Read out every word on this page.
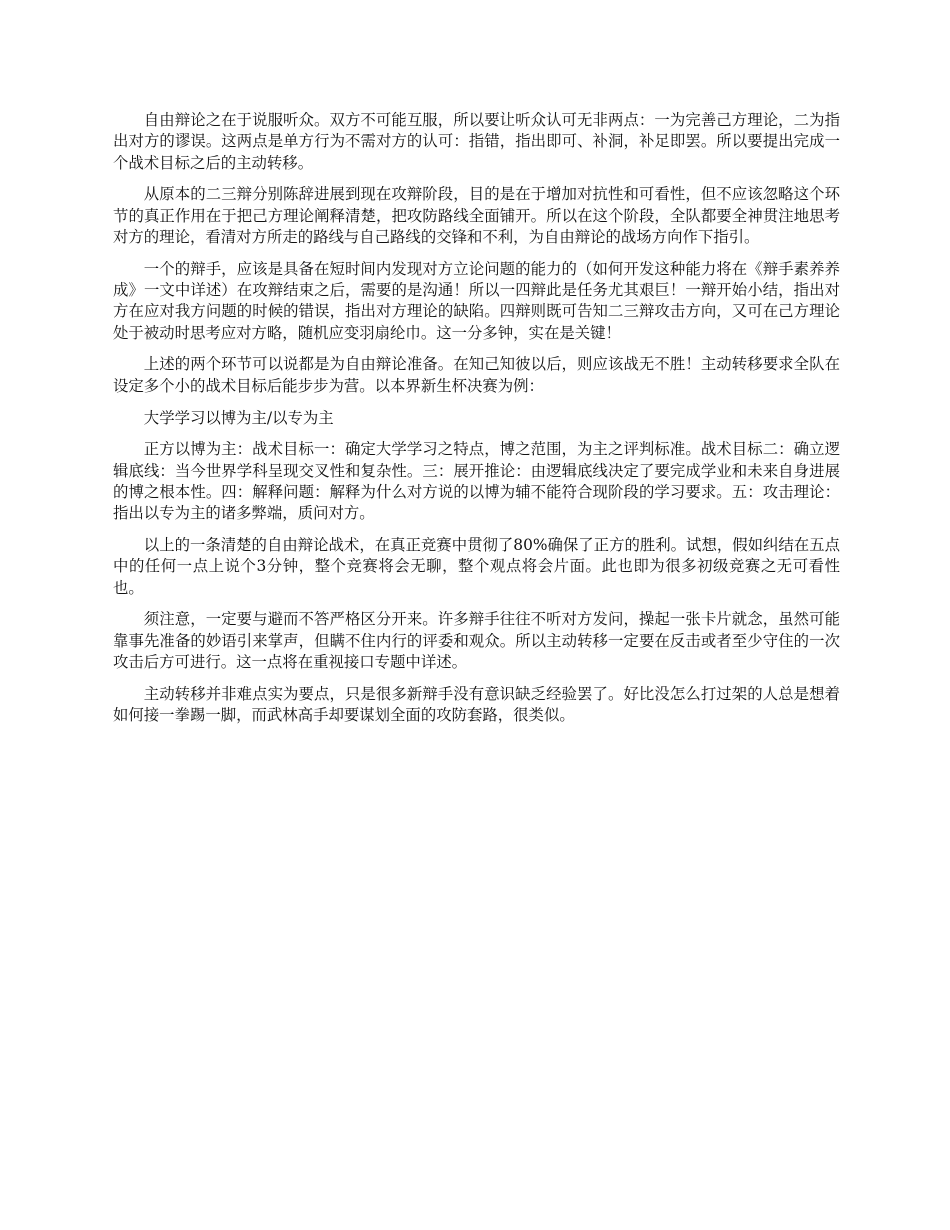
自由辩论之在于说服听众。双方不可能互服，所以要让听众认可无非两点：一为完善己方理论，二为指出对方的谬误。这两点是单方行为不需对方的认可：指错，指出即可、补洞，补足即罢。所以要提出完成一个战术目标之后的主动转移。

从原本的二三辩分别陈辞进展到现在攻辩阶段，目的是在于增加对抗性和可看性，但不应该忽略这个环节的真正作用在于把己方理论阐释清楚，把攻防路线全面铺开。所以在这个阶段，全队都要全神贯注地思考对方的理论，看清对方所走的路线与自己路线的交锋和不利，为自由辩论的战场方向作下指引。

一个的辩手，应该是具备在短时间内发现对方立论问题的能力的（如何开发这种能力将在《辩手素养养成》一文中详述）在攻辩结束之后，需要的是沟通！所以一四辩此是任务尤其艰巨！一辩开始小结，指出对方在应对我方问题的时候的错误，指出对方理论的缺陷。四辩则既可告知二三辩攻击方向，又可在己方理论处于被动时思考应对方略，随机应变羽扇纶巾。这一分多钟，实在是关键！

上述的两个环节可以说都是为自由辩论准备。在知己知彼以后，则应该战无不胜！主动转移要求全队在设定多个小的战术目标后能步步为营。以本界新生杯决赛为例：

大学学习以博为主/以专为主

正方以博为主：战术目标一：确定大学学习之特点，博之范围，为主之评判标准。战术目标二：确立逻辑底线：当今世界学科呈现交叉性和复杂性。三：展开推论：由逻辑底线决定了要完成学业和未来自身进展的博之根本性。四：解释问题：解释为什么对方说的以博为辅不能符合现阶段的学习要求。五：攻击理论：指出以专为主的诸多弊端，质问对方。

以上的一条清楚的自由辩论战术，在真正竞赛中贯彻了80%确保了正方的胜利。试想，假如纠结在五点中的任何一点上说个3分钟，整个竞赛将会无聊，整个观点将会片面。此也即为很多初级竞赛之无可看性也。

须注意，一定要与避而不答严格区分开来。许多辩手往往不听对方发问，操起一张卡片就念，虽然可能靠事先准备的妙语引来掌声，但瞒不住内行的评委和观众。所以主动转移一定要在反击或者至少守住的一次攻击后方可进行。这一点将在重视接口专题中详述。

主动转移并非难点实为要点，只是很多新辩手没有意识缺乏经验罢了。好比没怎么打过架的人总是想着如何接一拳踢一脚，而武林高手却要谋划全面的攻防套路，很类似。
